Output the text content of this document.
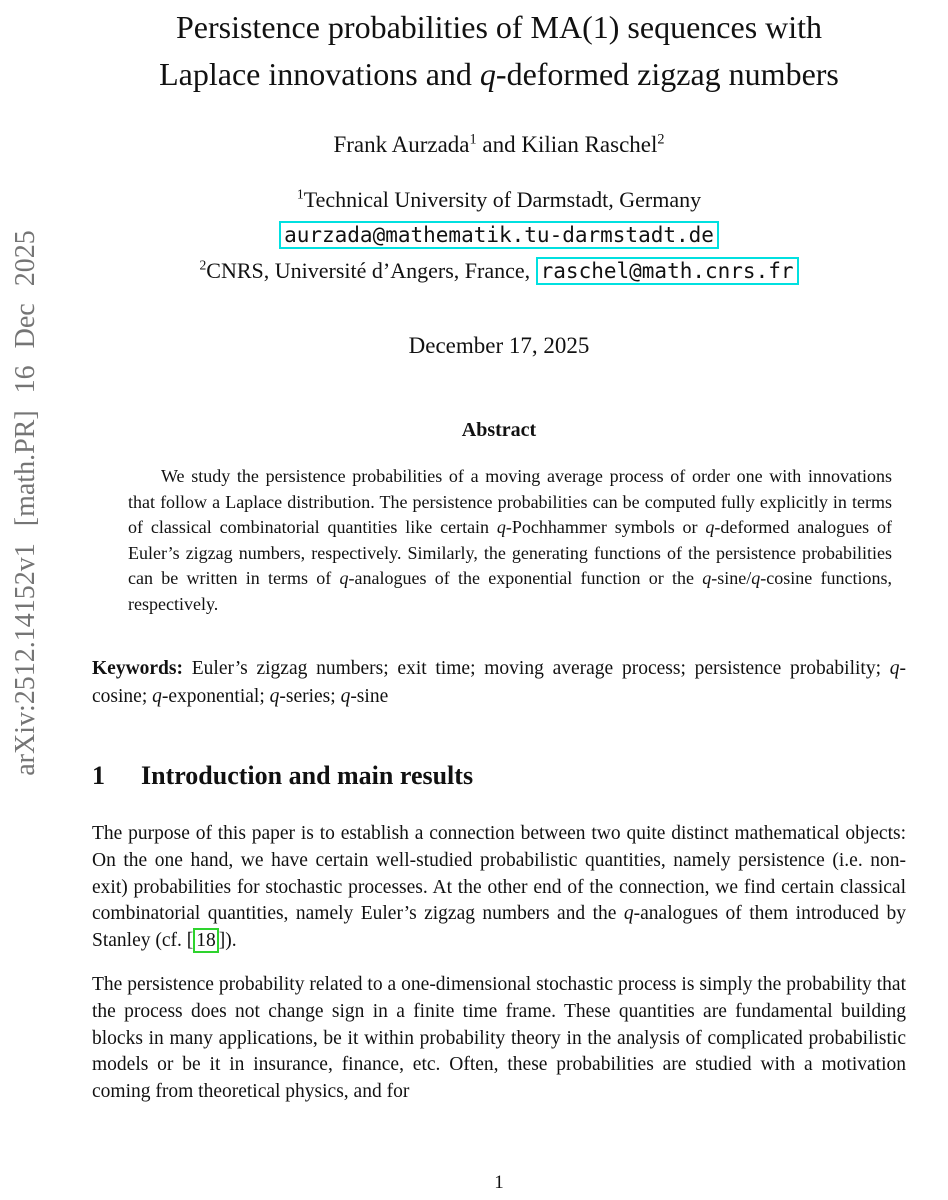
arXiv:2512.14152v1 [math.PR] 16 Dec 2025
Persistence probabilities of MA(1) sequences with
Laplace innovations and q-deformed zigzag numbers
Frank Aurzada$^1$ and Kilian Raschel$^2$
$^1$Technical University of Darmstadt, Germany
aurzada@mathematik.tu-darmstadt.de
$^2$CNRS, Université d’Angers, France, raschel@math.cnrs.fr
December 17, 2025
Abstract

We study the persistence probabilities of a moving average process of order one with innovations that follow a Laplace distribution. The persistence probabilities can be computed fully explicitly in terms of classical combinatorial quantities like certain q-Pochhammer symbols or q-deformed analogues of Euler’s zigzag numbers, respectively. Similarly, the generating functions of the persistence probabilities can be written in terms of q-analogues of the exponential function or the q-sine/q-cosine functions, respectively.

Keywords: Euler’s zigzag numbers; exit time; moving average process; persistence probability; q-cosine; q-exponential; q-series; q-sine

1 Introduction and main results

The purpose of this paper is to establish a connection between two quite distinct mathematical objects: On the one hand, we have certain well-studied probabilistic quantities, namely persistence (i.e. non-exit) probabilities for stochastic processes. At the other end of the connection, we find certain classical combinatorial quantities, namely Euler’s zigzag numbers and the q-analogues of them introduced by Stanley (cf. [ 18 ]).

The persistence probability related to a one-dimensional stochastic process is simply the probability that the process does not change sign in a finite time frame. These quantities are fundamental building blocks in many applications, be it within probability theory in the analysis of complicated probabilistic models or be it in insurance, finance, etc. Often, these probabilities are studied with a motivation coming from theoretical physics, and for

1
